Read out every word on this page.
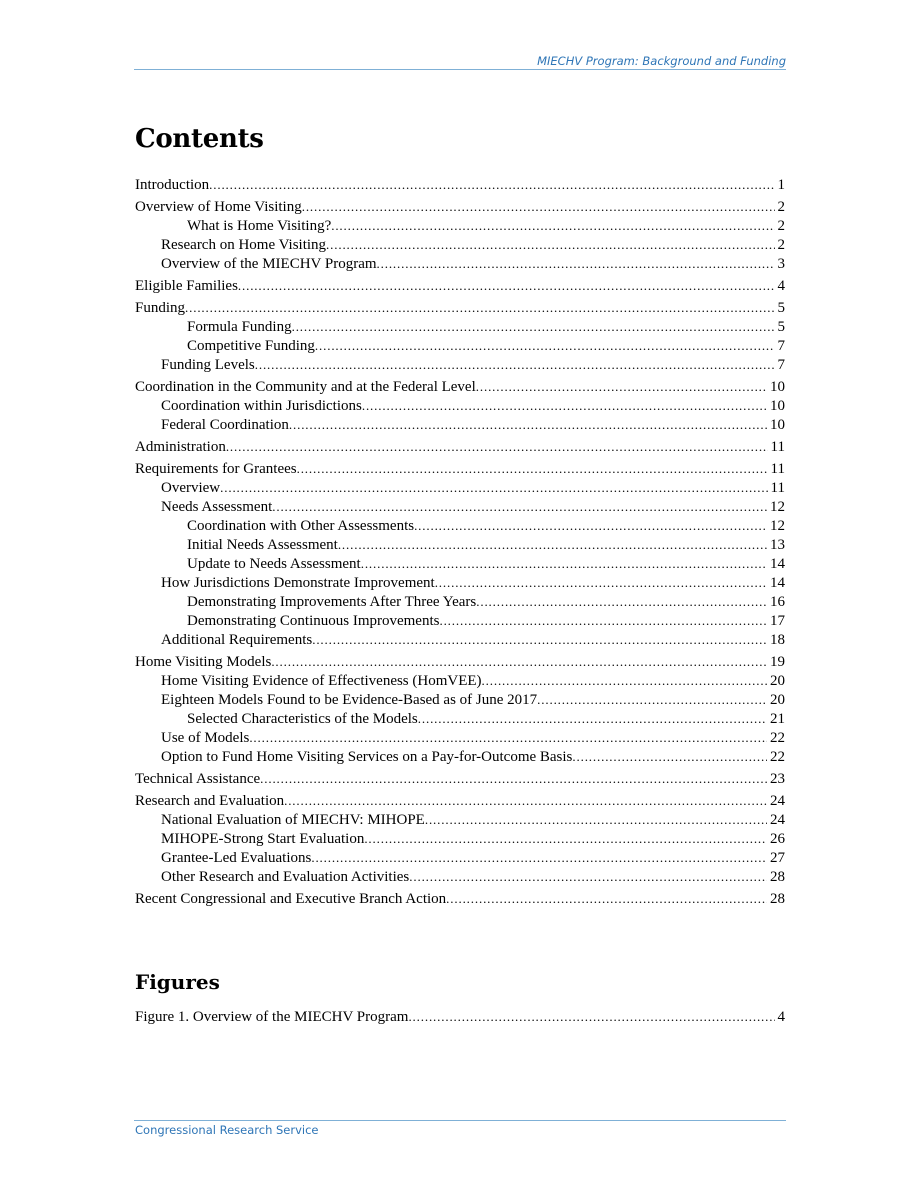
MIECHV Program: Background and Funding
Contents
Introduction . . .	1
Overview of Home Visiting . . .	2
What is Home Visiting? . . .	2
Research on Home Visiting . . .	2
Overview of the MIECHV Program . . .	3
Eligible Families . . .	4
Funding . . .	5
Formula Funding . . .	5
Competitive Funding . . .	7
Funding Levels . . .	7
Coordination in the Community and at the Federal Level . . .	10
Coordination within Jurisdictions . . .	10
Federal Coordination . . .	10
Administration . . .	11
Requirements for Grantees . . .	11
Overview . . .	11
Needs Assessment . . .	12
Coordination with Other Assessments . . .	12
Initial Needs Assessment . . .	13
Update to Needs Assessment . . .	14
How Jurisdictions Demonstrate Improvement . . .	14
Demonstrating Improvements After Three Years . . .	16
Demonstrating Continuous Improvements . . .	17
Additional Requirements . . .	18
Home Visiting Models . . .	19
Home Visiting Evidence of Effectiveness (HomVEE) . . .	20
Eighteen Models Found to be Evidence-Based as of June 2017 . . .	20
Selected Characteristics of the Models . . .	21
Use of Models . . .	22
Option to Fund Home Visiting Services on a Pay-for-Outcome Basis . . .	22
Technical Assistance . . .	23
Research and Evaluation . . .	24
National Evaluation of MIECHV: MIHOPE . . .	24
MIHOPE-Strong Start Evaluation . . .	26
Grantee-Led Evaluations . . .	27
Other Research and Evaluation Activities . . .	28
Recent Congressional and Executive Branch Action . . .	28
Figures
Figure 1. Overview of the MIECHV Program . . .	4
Congressional Research Service
